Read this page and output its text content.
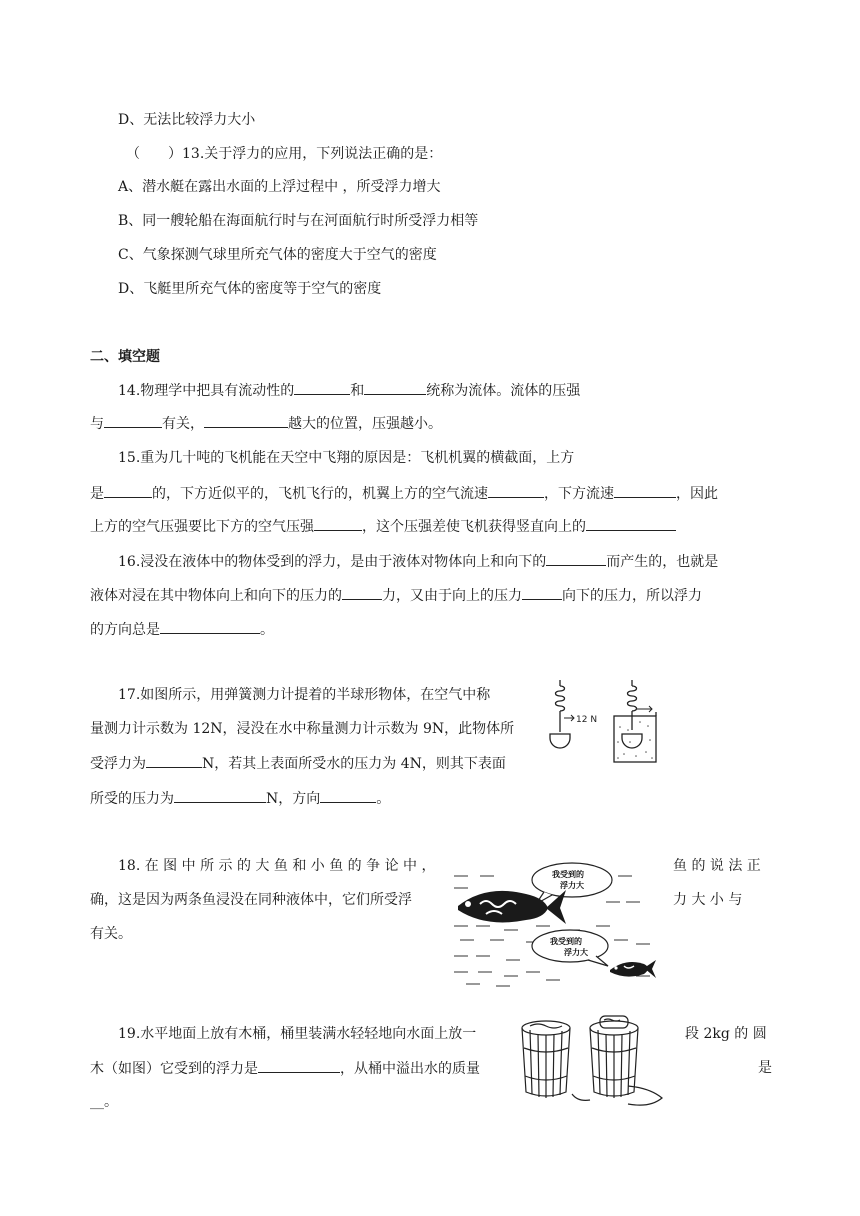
D、无法比较浮力大小
（　　）13.关于浮力的应用，下列说法正确的是：
A、潜水艇在露出水面的上浮过程中 ，所受浮力增大
B、同一艘轮船在海面航行时与在河面航行时所受浮力相等
C、气象探测气球里所充气体的密度大于空气的密度
D、飞艇里所充气体的密度等于空气的密度
二、填空题
14.物理学中把具有流动性的	和	统称为流体。流体的压强
与	有关，	越大的位置，压强越小。
15.重为几十吨的飞机能在天空中飞翔的原因是：飞机机翼的横截面，上方
是	的，下方近似平的，飞机飞行的，机翼上方的空气流速	，下方流速	，因此
上方的空气压强要比下方的空气压强	，这个压强差使飞机获得竖直向上的
16.浸没在液体中的物体受到的浮力，是由于液体对物体向上和向下的	而产生的，也就是
液体对浸在其中物体向上和向下的压力的	力，又由于向上的压力	向下的压力，所以浮力
的方向总是	。
17.如图所示，用弹簧测力计提着的半球形物体，在空气中称
量测力计示数为 12N，浸没在水中称量测力计示数为 9N，此物体所
受浮力为	N，若其上表面所受水的压力为 4N，则其下表面
所受的压力为	N，方向	。
12 N
18. 在 图 中 所 示 的 大 鱼 和 小 鱼 的 争 论 中 ，	鱼 的 说 法 正
确，这是因为两条鱼浸没在同种液体中，它们所受浮	力 大 小 与
有关。
我受到的
浮力大
我受到的
浮力大
19.水平地面上放有木桶，桶里装满水轻轻地向水面上放一	段 2kg 的 圆
木（如图）它受到的浮力是	，从桶中溢出水的质量	是
__。
